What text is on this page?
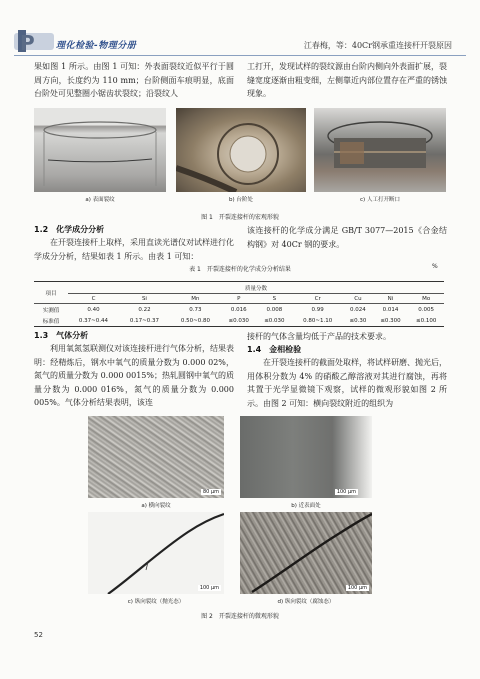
P 理化检验-物理分册	江春梅，等：40Cr钢承重连接杆开裂原因
果如图 1 所示。由图 1 可知：外表面裂纹近似平行于圆周方向，长度约为 110 mm；台阶侧面车痕明显，底面台阶处可见整圈小锯齿状裂纹；沿裂纹人
工打开，发现试样的裂纹源由台阶内侧向外表面扩展，裂缝宽度逐渐由粗变细，左侧靠近内部位置存在严重的锈蚀现象。
a) 表面裂纹	b) 台阶处	c) 人工打开断口
图 1　开裂连接杆的宏观形貌
1.2　化学成分分析
在开裂连接杆上取样，采用直读光谱仪对试样进行化学成分分析，结果如表 1 所示。由表 1 可知：
该连接杆的化学成分满足 GB/T 3077—2015《合金结构钢》对 40Cr 钢的要求。
表 1　开裂连接杆的化学成分分析结果	%
项目	质量分数								
	C	Si	Mn	P	S	Cr	Cu	Ni	Mo
实测值	0.40	0.22	0.73	0.016	0.008	0.99	0.024	0.014	0.005
标准值	0.37~0.44	0.17~0.37	0.50~0.80	≤0.030	≤0.030	0.80~1.10	≤0.30	≤0.300	≤0.100
1.3　气体分析
利用氧氮氢联测仪对该连接杆进行气体分析，结果表明：经精炼后，钢水中氧气的质量分数为 0.000 02%，氮气的质量分数为 0.000 0015%；热轧圆钢中氧气的质量分数为 0.000 016%，氮气的质量分数为 0.000 005%。气体分析结果表明，该连
接杆的气体含量均低于产品的技术要求。
1.4　金相检验
在开裂连接杆的截面处取样，将试样研磨、抛光后，用体积分数为 4% 的硝酸乙醇溶液对其进行腐蚀，再将其置于光学显微镜下观察，试样的微观形貌如图 2 所示。由图 2 可知：横向裂纹附近的组织为
80 μm	100 μm
a) 横向裂纹	b) 近表面处
100 μm	100 μm
c) 纵向裂纹（抛光态）	d) 纵向裂纹（腐蚀态）
图 2　开裂连接杆的微观形貌
52
